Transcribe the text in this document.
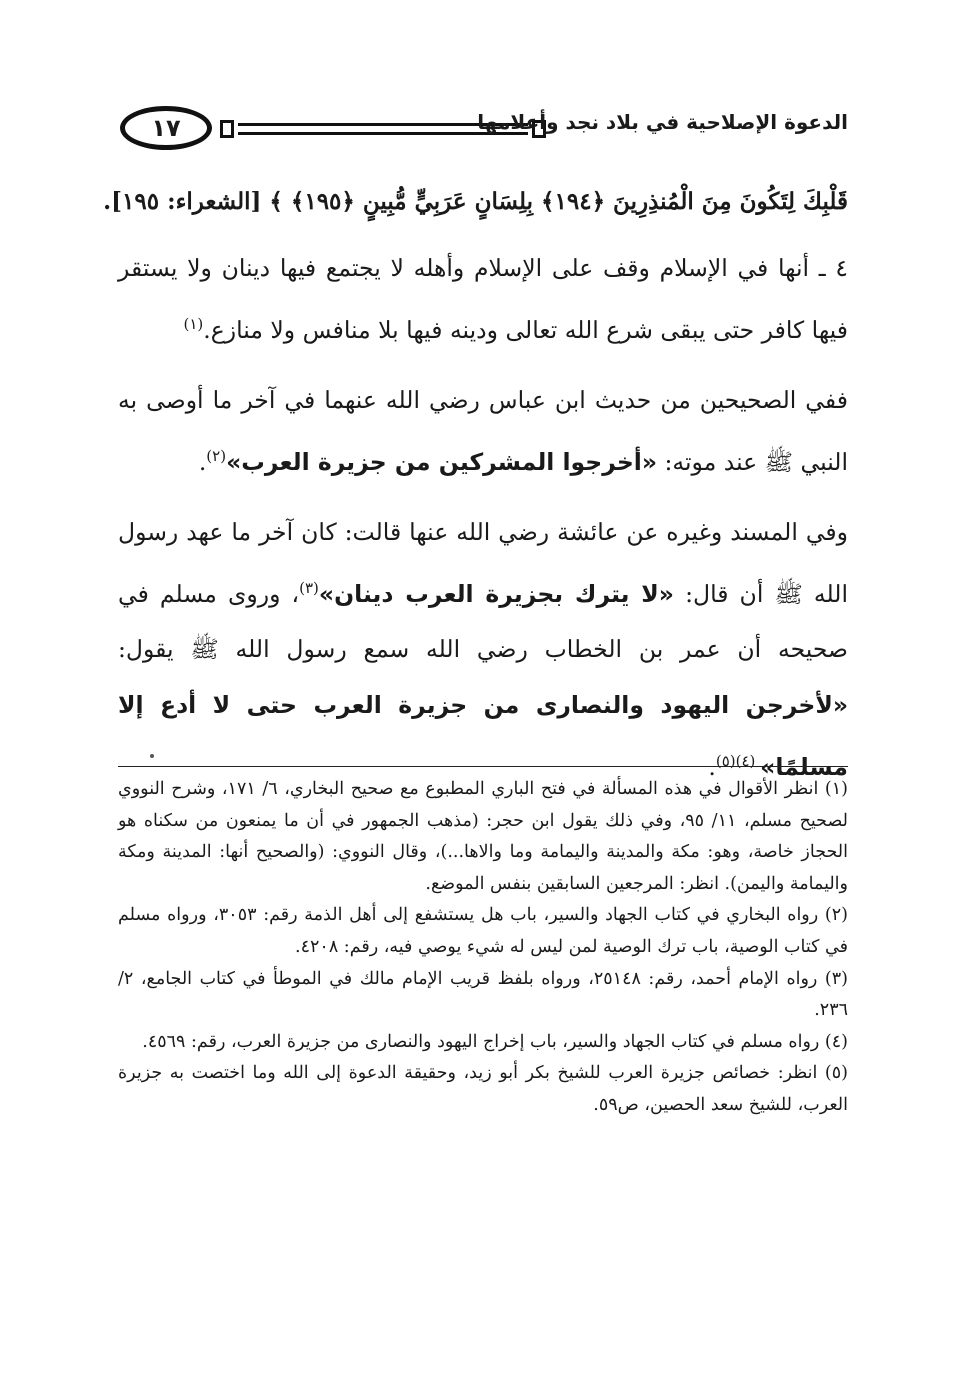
١٧	الدعوة الإصلاحية في بلاد نجد وأعلامها
قَلْبِكَ لِتَكُونَ مِنَ الْمُنذِرِينَ ﴿١٩٤﴾ بِلِسَانٍ عَرَبِيٍّ مُّبِينٍ ﴿١٩٥﴾ ﴾ [الشعراء: ١٩٥].

٤ ـ أنها في الإسلام وقف على الإسلام وأهله لا يجتمع فيها دينان ولا يستقر فيها كافر حتى يبقى شرع الله تعالى ودينه فيها بلا منافس ولا منازع.$^{(١)}$

ففي الصحيحين من حديث ابن عباس رضي الله عنهما في آخر ما أوصى به النبي ﷺ عند موته: «أخرجوا المشركين من جزيرة العرب»$^{(٢)}$.

وفي المسند وغيره عن عائشة رضي الله عنها قالت: كان آخر ما عهد رسول الله ﷺ أن قال: «لا يترك بجزيرة العرب دينان»$^{(٣)}$، وروى مسلم في صحيحه أن عمر بن الخطاب رضي الله سمع رسول الله ﷺ يقول: «لأخرجن اليهود والنصارى من جزيرة العرب حتى لا أدع إلا مسلمًا» $^{(٤)(٥)}$.

(١) انظر الأقوال في هذه المسألة في فتح الباري المطبوع مع صحيح البخاري، ٦/ ١٧١، وشرح النووي لصحيح مسلم، ١١/ ٩٥، وفي ذلك يقول ابن حجر: (مذهب الجمهور في أن ما يمنعون من سكناه هو الحجاز خاصة، وهو: مكة والمدينة واليمامة وما والاها...)، وقال النووي: (والصحيح أنها: المدينة ومكة واليمامة واليمن). انظر: المرجعين السابقين بنفس الموضع.

(٢) رواه البخاري في كتاب الجهاد والسير، باب هل يستشفع إلى أهل الذمة رقم: ٣٠٥٣، ورواه مسلم في كتاب الوصية، باب ترك الوصية لمن ليس له شيء يوصي فيه، رقم: ٤٢٠٨.

(٣) رواه الإمام أحمد، رقم: ٢٥١٤٨، ورواه بلفظ قريب الإمام مالك في الموطأ في كتاب الجامع، ٢/ ٢٣٦.

(٤) رواه مسلم في كتاب الجهاد والسير، باب إخراج اليهود والنصارى من جزيرة العرب، رقم: ٤٥٦٩.

(٥) انظر: خصائص جزيرة العرب للشيخ بكر أبو زيد، وحقيقة الدعوة إلى الله وما اختصت به جزيرة العرب، للشيخ سعد الحصين، ص٥٩.
